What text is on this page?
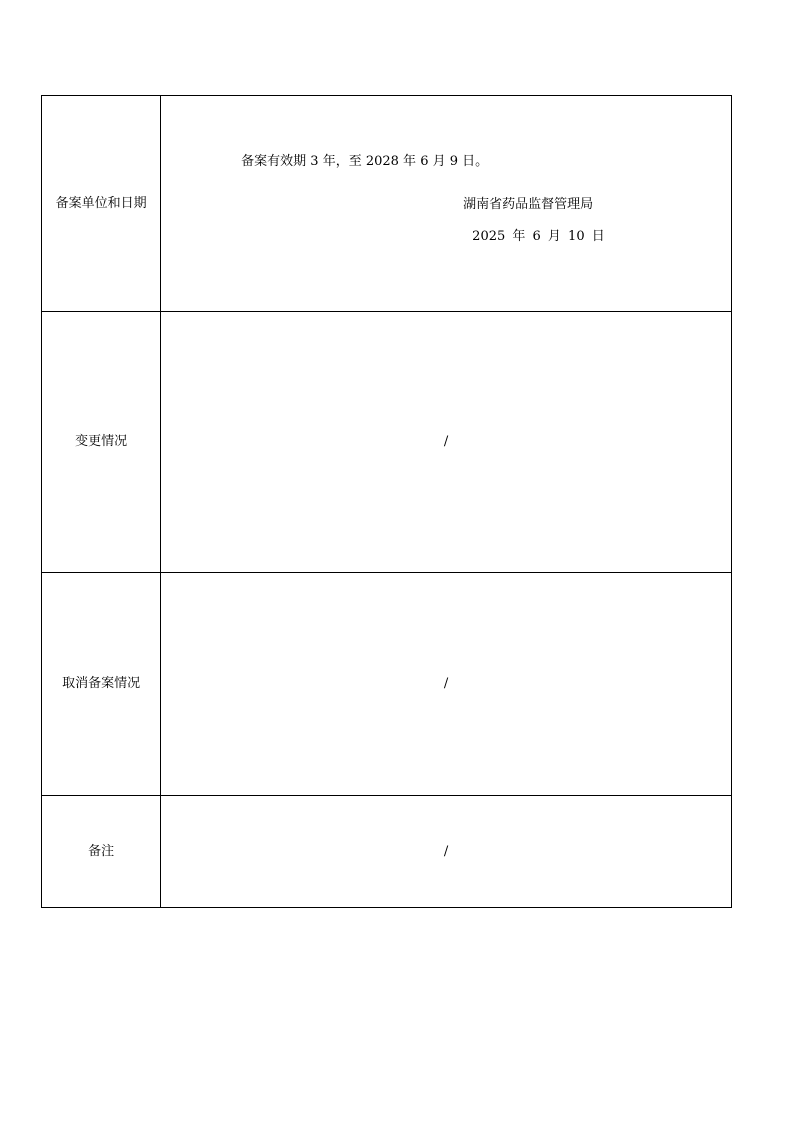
备案单位和日期	备案有效期 3 年，至 2028 年 6 月 9 日。
湖南省药品监督管理局
2025 年 6 月 10 日

变更情况	/
取消备案情况	/
备注	/
